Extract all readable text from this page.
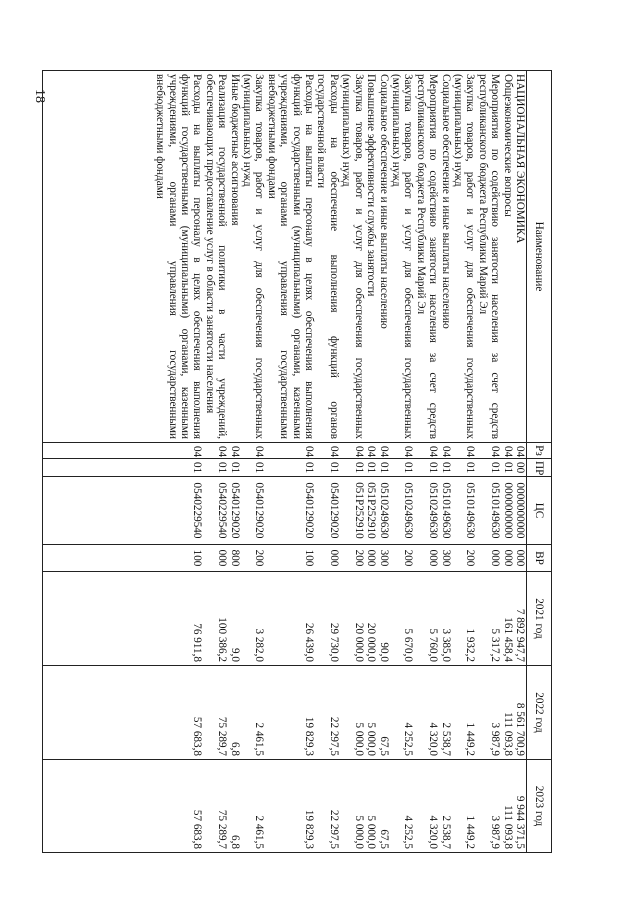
18
Наименование	Рз	ПР	ЦС	ВР	2021 год	2022 год	2023 год

НАЦИОНАЛЬНАЯ ЭКОНОМИКА	04	00	0000000000	000	7 892 947,7	8 561 700,9	9 944 371,5

Общеэкономические вопросы	04	01	0000000000	000	161 458,4	111 093,8	111 093,8

Мероприятия по содействию занятости населения за счет средств
республиканского бюджета Республики Марий Эл	04	01	0510149630	000	5 317,2	3 987,9	3 987,9

Закупка товаров, работ и услуг для обеспечения государственных
(муниципальных) нужд	04	01	0510149630	200	1 932,2	1 449,2	1 449,2

Социальное обеспечение и иные выплаты населению	04	01	0510149630	300	3 385,0	2 538,7	2 538,7

Мероприятия по содействию занятости населения за счет средств
республиканского бюджета Республики Марий Эл	04	01	0510249630	000	5 760,0	4 320,0	4 320,0

Закупка товаров, работ и услуг для обеспечения государственных
(муниципальных) нужд	04	01	0510249630	200	5 670,0	4 252,5	4 252,5

Социальное обеспечение и иные выплаты населению	04	01	0510249630	300	90,0	67,5	67,5

Повышение эффективности службы занятости	04	01	051P252910	000	20 000,0	5 000,0	5 000,0

Закупка товаров, работ и услуг для обеспечения государственных
(муниципальных) нужд	04	01	051P252910	200	20 000,0	5 000,0	5 000,0

Расходы на обеспечение выполнения функций органов
государственной власти	04	01	0540129020	000	29 730,0	22 297,5	22 297,5

Расходы на выплаты персоналу в целях обеспечения выполнения
функций государственными (муниципальными) органами, казенными
учреждениями, органами управления государственными
внебюджетными фондами	04	01	0540129020	100	26 439,0	19 829,3	19 829,3

Закупка товаров, работ и услуг для обеспечения государственных
(муниципальных) нужд	04	01	0540129020	200	3 282,0	2 461,5	2 461,5

Иные бюджетные ассигнования	04	01	0540129020	800	9,0	6,8	6,8

Реализация государственной политики в части учреждений,
обеспечивающих предоставление услуг в области занятости населения	04	01	0540229540	000	100 386,2	75 289,7	75 289,7

Расходы на выплаты персоналу в целях обеспечения выполнения
функций государственными (муниципальными) органами, казенными
учреждениями, органами управления государственными
внебюджетными фондами	04	01	0540229540	100	76 911,8	57 683,8	57 683,8
